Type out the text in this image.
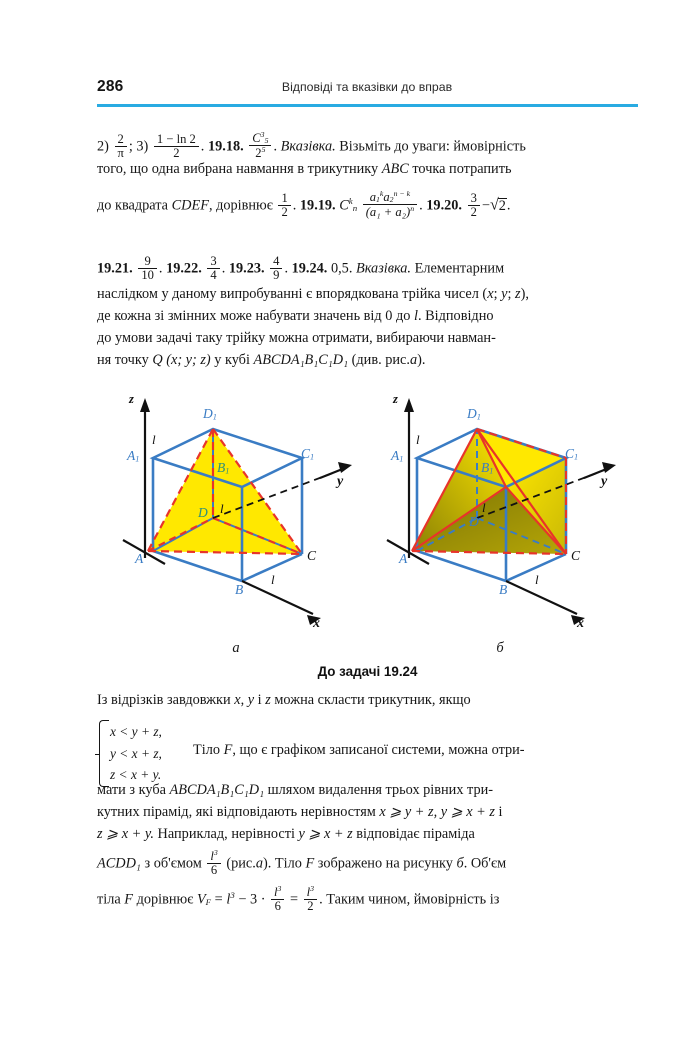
286	Відповіді та вказівки до вправ
$2) \frac{2}{\pi}$ ; $3) \frac{1 - \ln 2}{2}$ . 19.18. $\frac{C^3_5}{2^5}$ . Вказівка. Візьміть до уваги: ймовірність
того, що одна вибрана навмання в трикутнику ABC точка потрапить
до квадрата CDEF, дорівнює $\frac{1}{2}$ . 19.19. $C^k_n \frac{a_1^ka_2^{n - k}}{(a_1 + a_2)^n}$ . 19.20. $\frac{3}{2} -√2$.
19.21. $\frac{9}{10}$ . 19.22. $\frac{3}{4}$ . 19.23. $\frac{4}{9}$ . 19.24. 0,5. Вказівка. Елементарним
наслідком у даному випробуванні є впорядкована трійка чисел (x; y; z),
де кожна зі змінних може набувати значень від 0 до l. Відповідно
до умови задачі таку трійку можна отримати, вибираючи навман-
ня точку Q (x; y; z) у кубі ABCDA₁B₁C₁D₁ (див. рис.a).
z
y
x
$A_1$
$D_1$
$C_1$
$B_1$
D
A
B
C
l
l
l
a
z
y
x
$A_1$
$D_1$
$C_1$
$B_1$
D
A
B
C
l
l
l
б
До задачі 19.24
Із відрізків завдовжки x, y і z можна скласти трикутник, якщо
x < y + z,
y < x + z,
z < x + y.
Тіло F, що є графіком записаної системи, можна отри-
мати з куба ABCDA₁B₁C₁D₁ шляхом видалення трьох рівних три-
кутних пірамід, які відповідають нерівностям x ⩾ y + z, y ⩾ x + z і
z ⩾ x + y. Наприклад, нерівності y ⩾ x + z відповідає піраміда
ACDD₁ з об'ємом $\frac{l^3}{6} (рис.a)$. Тіло F зображено на рисунку б. Об'єм
тіла F дорівнює $V_F = l^3 - 3 \cdot \frac{l^3}{6} = \frac{l^3}{2}$ . Таким чином, ймовірність із
